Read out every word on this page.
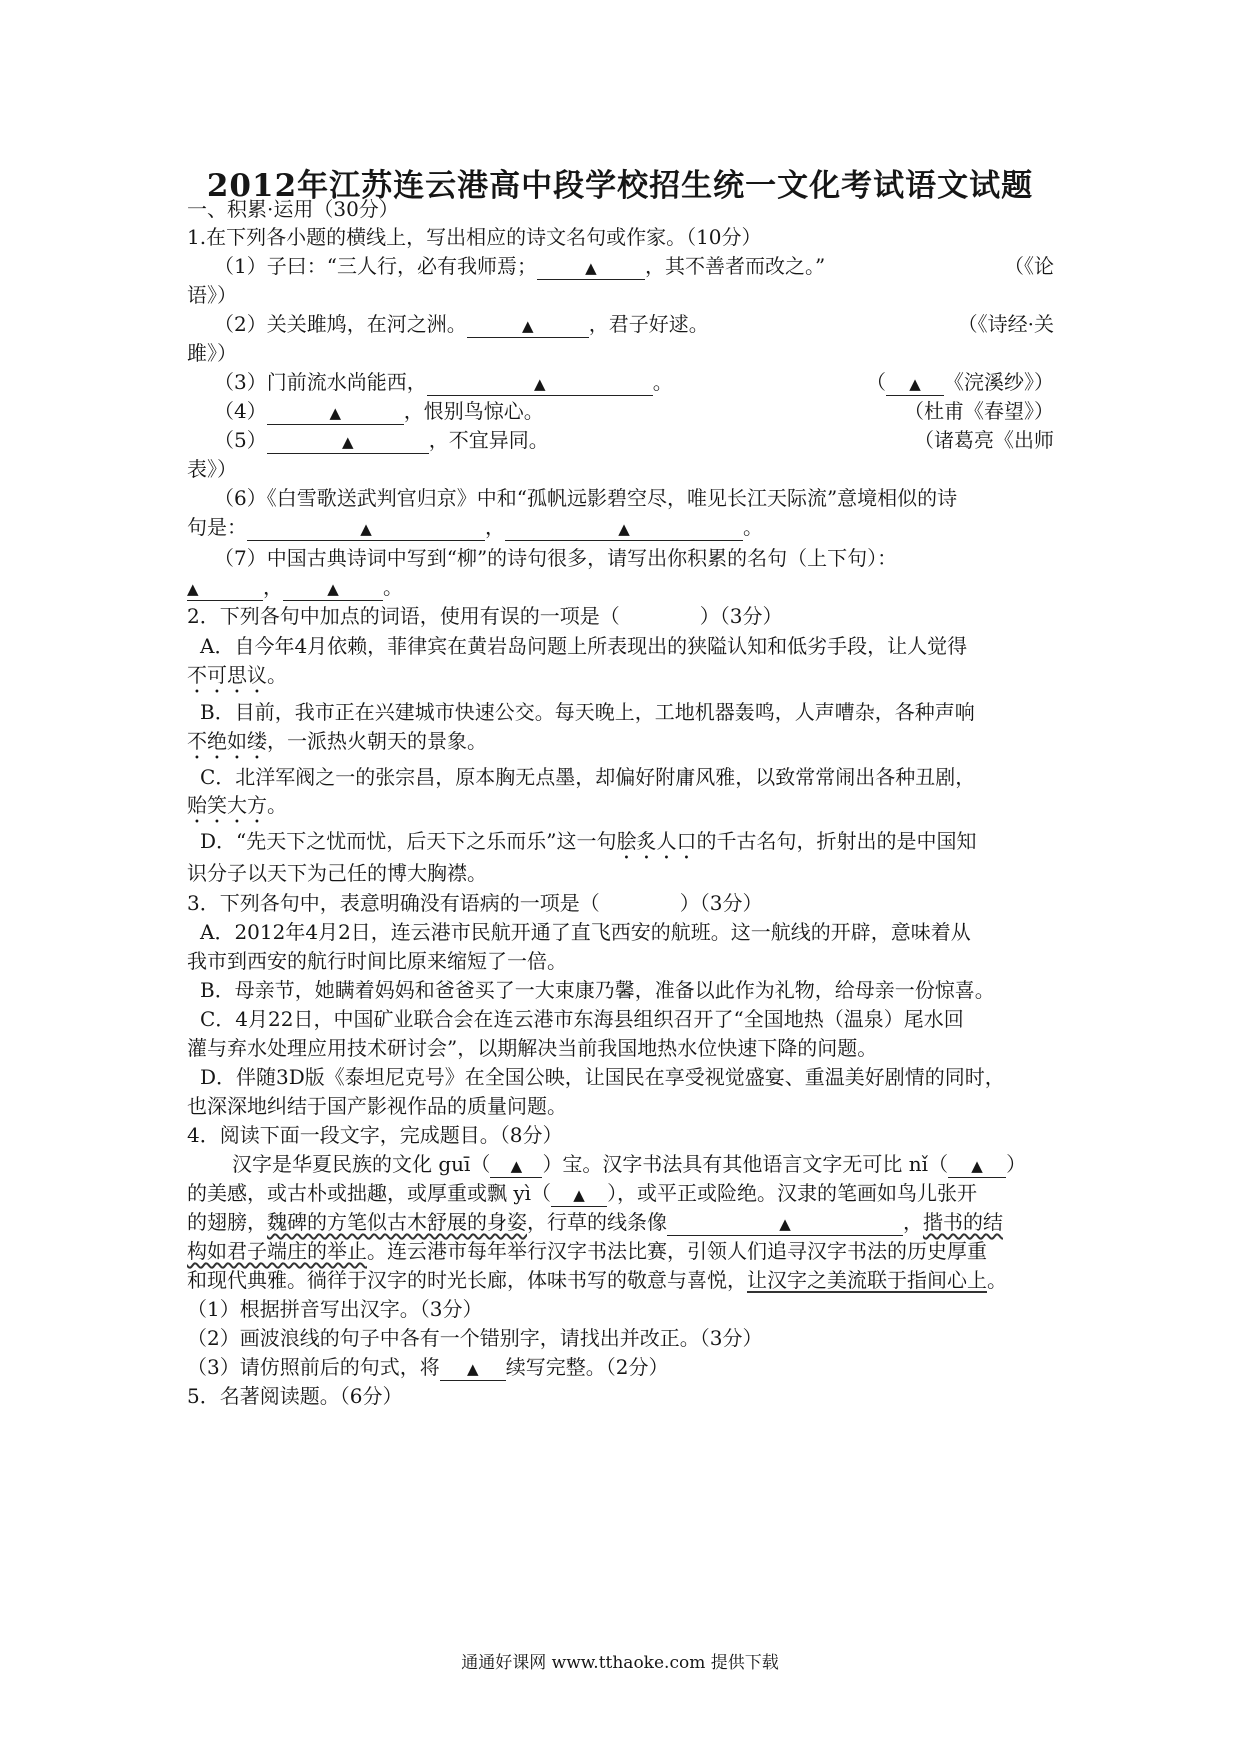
2012年江苏连云港高中段学校招生统一文化考试语文试题
一、积累·运用（30分）
1.在下列各小题的横线上，写出相应的诗文名句或作家。（10分）
（1）子曰：“三人行，必有我师焉；	▲ ，其不善者而改之。”	（《论
语》）
（2）关关雎鸠，在河之洲。	▲	，君子好逑。	（《诗经·关
雎》）
（3）门前流水尚能西，	▲	。	（ ▲ 《浣溪纱》）
（4）	▲	，恨别鸟惊心。	（杜甫《春望》）
（5）	▲	，不宜异同。	（诸葛亮《出师
表》）
（6）《白雪歌送武判官归京》中和“孤帆远影碧空尽，唯见长江天际流”意境相似的诗
句是：	▲	，	▲	。
（7）中国古典诗词中写到“柳”的诗句很多，请写出你积累的名句（上下句）：
▲	，	▲ 。
2．下列各句中加点的词语，使用有误的一项是（　　　　）（3分）
A．自今年4月依赖，菲律宾在黄岩岛问题上所表现出的狭隘认知和低劣手段，让人觉得
不可思议。
B．目前，我市正在兴建城市快速公交。每天晚上，工地机器轰鸣，人声嘈杂，各种声响
不绝如缕，一派热火朝天的景象。
C．北洋军阀之一的张宗昌，原本胸无点墨，却偏好附庸风雅，以致常常闹出各种丑剧，
贻笑大方。
D．“先天下之忧而忧，后天下之乐而乐”这一句脍炙人口的千古名句，折射出的是中国知
识分子以天下为己任的博大胸襟。
3．下列各句中，表意明确没有语病的一项是（　　　　）（3分）
A．2012年4月2日，连云港市民航开通了直飞西安的航班。这一航线的开辟，意味着从
我市到西安的航行时间比原来缩短了一倍。
B．母亲节，她瞒着妈妈和爸爸买了一大束康乃馨，准备以此作为礼物，给母亲一份惊喜。
C．4月22日，中国矿业联合会在连云港市东海县组织召开了“全国地热（温泉）尾水回
灌与弃水处理应用技术研讨会”，以期解决当前我国地热水位快速下降的问题。
D．伴随3D版《泰坦尼克号》在全国公映，让国民在享受视觉盛宴、重温美好剧情的同时，
也深深地纠结于国产影视作品的质量问题。
4．阅读下面一段文字，完成题目。（8分）
汉字是华夏民族的文化 guī（ ▲ ）宝。汉字书法具有其他语言文字无可比 nǐ（ ▲ ）
的美感，或古朴或拙趣，或厚重或飘 yì（ ▲ ），或平正或险绝。汉隶的笔画如鸟儿张开
的翅膀，魏碑的方笔似古木舒展的身姿，行草的线条像	▲	，揩书的结
构如君子端庄的举止。连云港市每年举行汉字书法比赛，引领人们追寻汉字书法的历史厚重
和现代典雅。徜徉于汉字的时光长廊，体味书写的敬意与喜悦，让汉字之美流联于指间心上。
（1）根据拼音写出汉字。（3分）
（2）画波浪线的句子中各有一个错别字，请找出并改正。（3分）
（3）请仿照前后的句式，将 ▲ 续写完整。（2分）
5．名著阅读题。（6分）
通通好课网 www.tthaoke.com 提供下载
